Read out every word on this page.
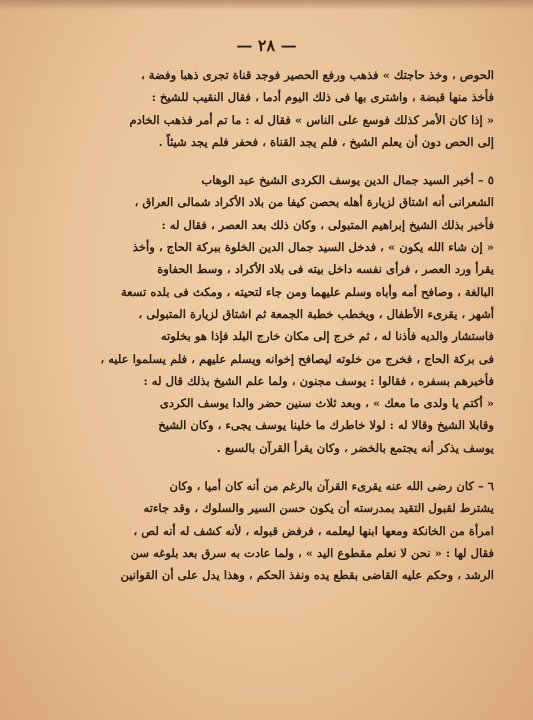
— ٢٨ —

الحوص ، وخذ حاجتك » فذهب ورفع الحصير فوجد قناة تجرى ذهبا وفضة ،

فأخذ منها قبضة ، واشترى بها فى ذلك اليوم أدما ، فقال النقيب للشيخ :

« إذا كان الأمر كذلك فوسع على الناس » فقال له : ما تم أمر فذهب الخادم

إلى الحص دون أن يعلم الشيخ ، فلم يجد القناة ، فحفر فلم يجد شيئاً .

٥ – أخبر السيد جمال الدين يوسف الكردى الشيخ عبد الوهاب

الشعرانى أنه اشتاق لزيارة أهله بحصن كيفا من بلاد الأكراد شمالى العراق ،

فأخبر بذلك الشيخ إبراهيم المتبولى ، وكان ذلك بعد العصر ، فقال له :

« إن شاء الله يكون » ، فدخل السيد جمال الدين الخلوة ببركة الحاج ، وأخذ

يقرأ ورد العصر ، فرأى نفسه داخل بيته فى بلاد الأكراد ، وسط الحفاوة

البالغة ، وصافح أمه وأباه وسلم عليهما ومن جاء لتحيته ، ومكث فى بلده تسعة

أشهر ، يقرىء الأطفال ، ويخطب خطبة الجمعة ثم اشتاق لزيارة المتبولى ،

فاستشار والديه فأذنا له ، ثم خرج إلى مكان خارج البلد فإذا هو بخلوته

فى بركة الحاج ، فخرج من خلوته ليصافح إخوانه ويسلم عليهم ، فلم يسلموا عليه ،

فأخبرهم بسفره ، فقالوا : يوسف مجنون ، ولما علم الشيخ بذلك قال له :

« أكتم يا ولدى ما معك » ، وبعد ثلاث سنين حضر والدا يوسف الكردى

وقابلا الشيخ وقالا له : لولا خاطرك ما خلينا يوسف يجىء ، وكان الشيخ

يوسف يذكر أنه يجتمع بالخضر ، وكان يقرأ القرآن بالسبع .

٦ – كان رضى الله عنه يقرىء القرآن بالرغم من أنه كان أميا ، وكان

يشترط لقبول التقيد بمدرسته أن يكون حسن السير والسلوك ، وقد جاءته

امرأة من الخانكة ومعها ابنها ليعلمه ، فرفض قبوله ، لأنه كشف له أنه لص ،

فقال لها : « نحن لا نعلم مقطوع اليد » ، ولما عادت به سرق بعد بلوغه سن

الرشد ، وحكم عليه القاضى بقطع يده ونفذ الحكم ، وهذا يدل على أن القوانين
